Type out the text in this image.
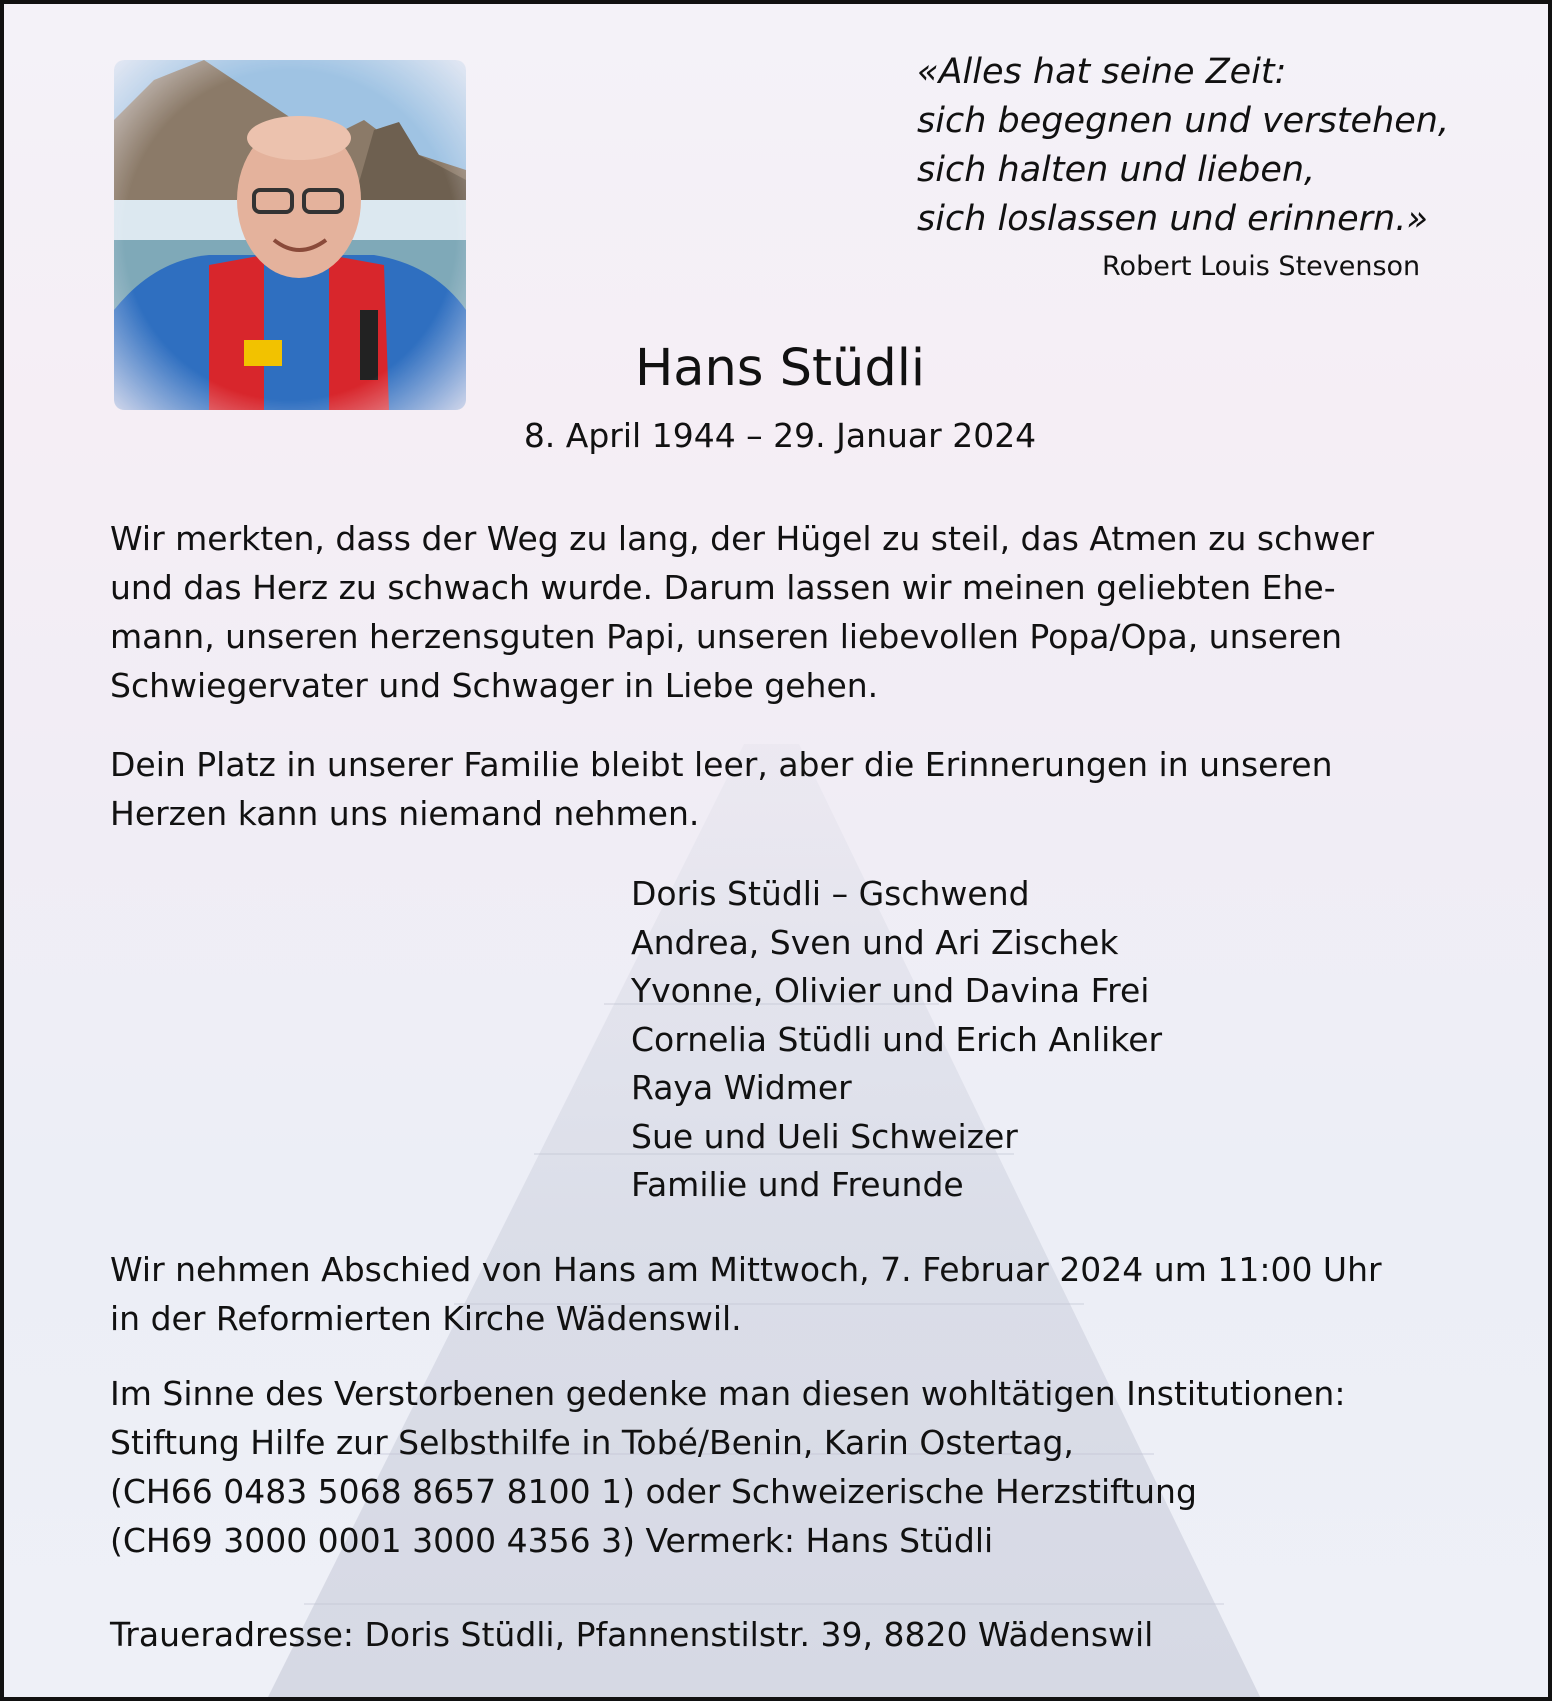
«Alles hat seine Zeit:
sich begegnen und verstehen,
sich halten und lieben,
sich loslassen und erinnern.»
Robert Louis Stevenson
Hans Stüdli
8. April 1944 – 29. Januar 2024
Wir merkten, dass der Weg zu lang, der Hügel zu steil, das Atmen zu schwer
und das Herz zu schwach wurde. Darum lassen wir meinen geliebten Ehe-
mann, unseren herzensguten Papi, unseren liebevollen Popa/Opa, unseren
Schwiegervater und Schwager in Liebe gehen.
Dein Platz in unserer Familie bleibt leer, aber die Erinnerungen in unseren
Herzen kann uns niemand nehmen.
Doris Stüdli – Gschwend
Andrea, Sven und Ari Zischek
Yvonne, Olivier und Davina Frei
Cornelia Stüdli und Erich Anliker
Raya Widmer
Sue und Ueli Schweizer
Familie und Freunde
Wir nehmen Abschied von Hans am Mittwoch, 7. Februar 2024 um 11:00 Uhr
in der Reformierten Kirche Wädenswil.
Im Sinne des Verstorbenen gedenke man diesen wohltätigen Institutionen:
Stiftung Hilfe zur Selbsthilfe in Tobé/Benin, Karin Ostertag,
(CH66 0483 5068 8657 8100 1) oder Schweizerische Herzstiftung
(CH69 3000 0001 3000 4356 3) Vermerk: Hans Stüdli
Traueradresse: Doris Stüdli, Pfannenstilstr. 39, 8820 Wädenswil
